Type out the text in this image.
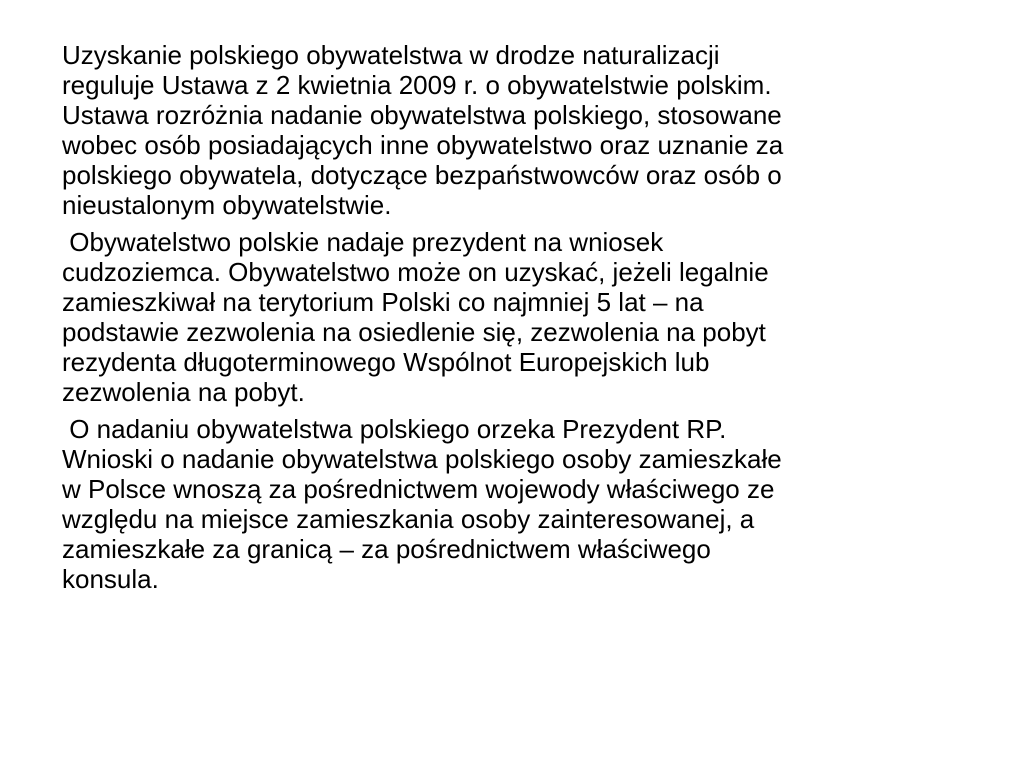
Uzyskanie polskiego obywatelstwa w drodze naturalizacji
reguluje Ustawa z 2 kwietnia 2009 r. o obywatelstwie polskim.
Ustawa rozróżnia nadanie obywatelstwa polskiego, stosowane
wobec osób posiadających inne obywatelstwo oraz uznanie za
polskiego obywatela, dotyczące bezpaństwowców oraz osób o
nieustalonym obywatelstwie.

Obywatelstwo polskie nadaje prezydent na wniosek
cudzoziemca. Obywatelstwo może on uzyskać, jeżeli legalnie
zamieszkiwał na terytorium Polski co najmniej 5 lat – na
podstawie zezwolenia na osiedlenie się, zezwolenia na pobyt
rezydenta długoterminowego Wspólnot Europejskich lub
zezwolenia na pobyt.

O nadaniu obywatelstwa polskiego orzeka Prezydent RP.
Wnioski o nadanie obywatelstwa polskiego osoby zamieszkałe
w Polsce wnoszą za pośrednictwem wojewody właściwego ze
względu na miejsce zamieszkania osoby zainteresowanej, a
zamieszkałe za granicą – za pośrednictwem właściwego
konsula.
